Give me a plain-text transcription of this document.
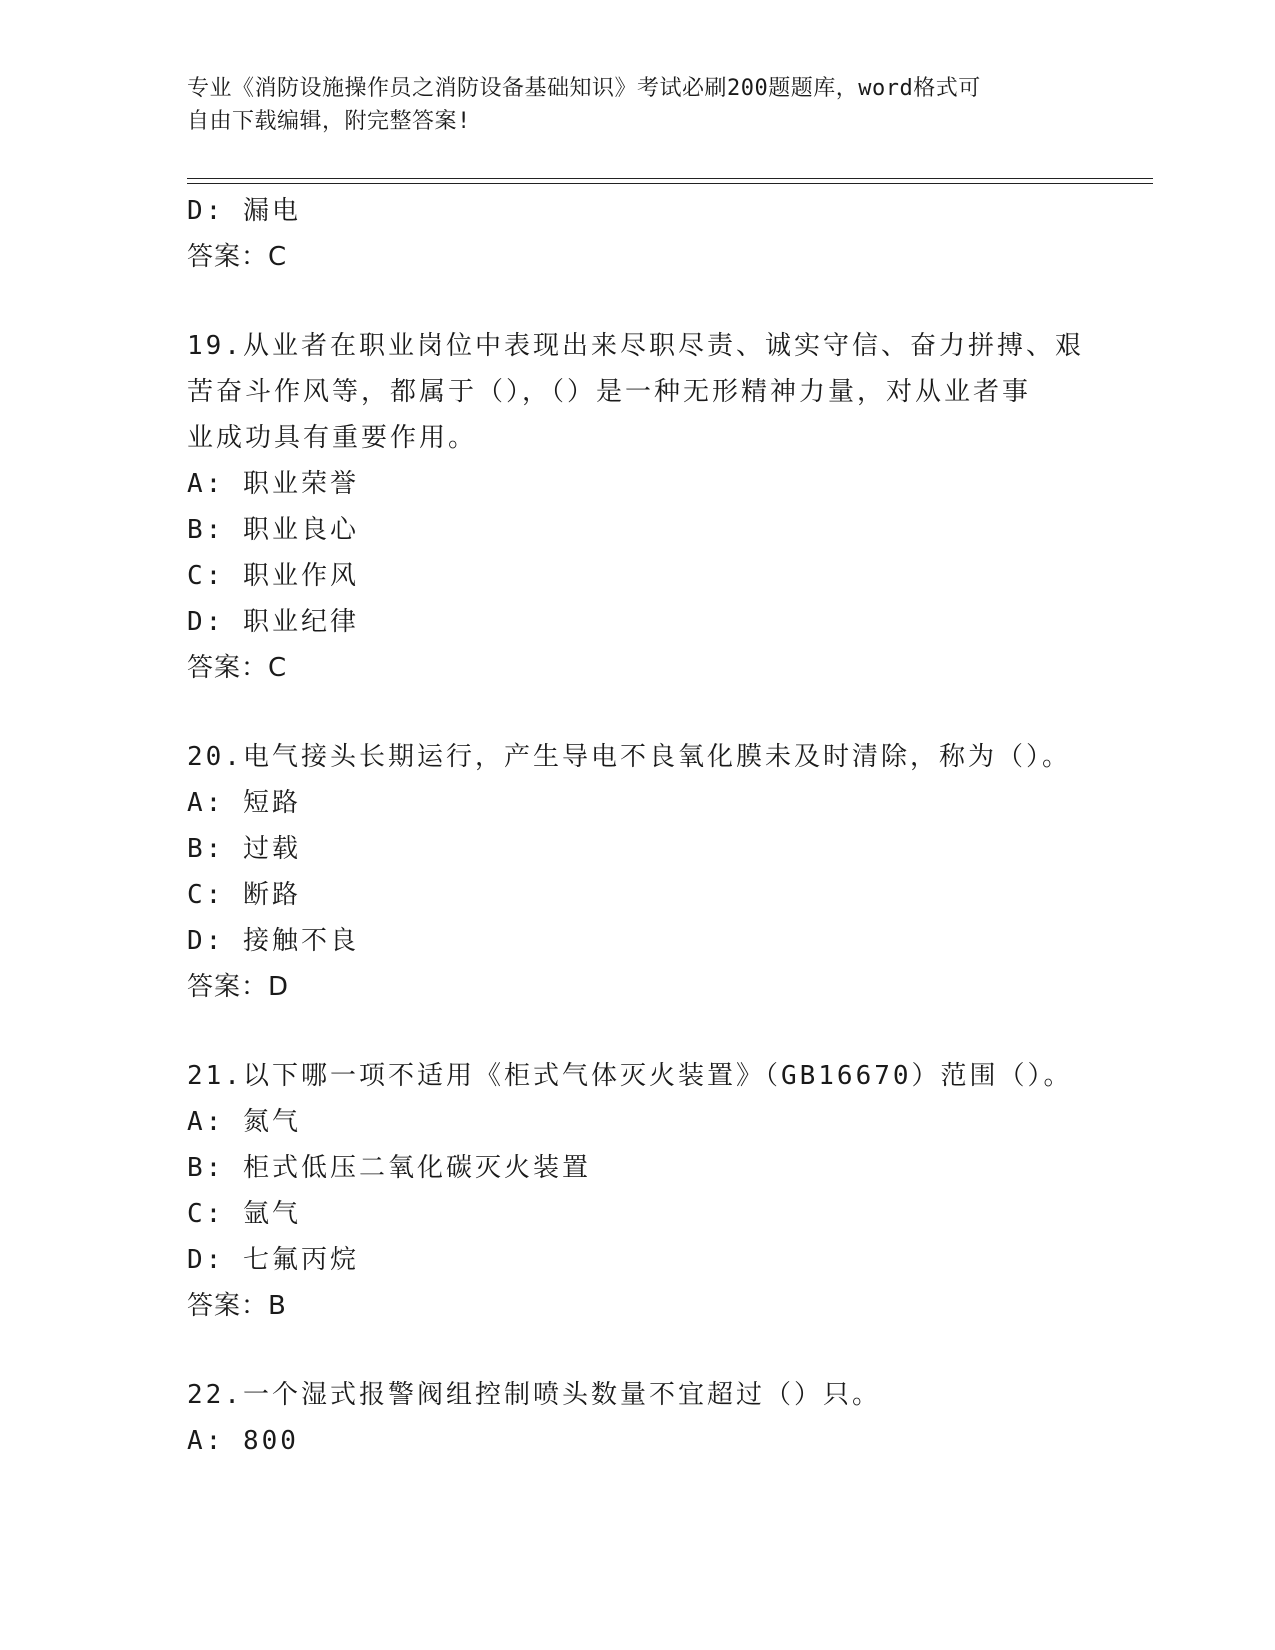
专业《消防设施操作员之消防设备基础知识》考试必刷200题题库，word格式可
自由下载编辑，附完整答案!
D: 漏电
答案：C
19.从业者在职业岗位中表现出来尽职尽责、诚实守信、奋力拼搏、艰
苦奋斗作风等，都属于（），（）是一种无形精神力量，对从业者事
业成功具有重要作用。
A: 职业荣誉
B: 职业良心
C: 职业作风
D: 职业纪律
答案：C
20.电气接头长期运行，产生导电不良氧化膜未及时清除，称为（）。
A: 短路
B: 过载
C: 断路
D: 接触不良
答案：D
21.以下哪一项不适用《柜式气体灭火装置》（GB16670）范围（）。
A: 氮气
B: 柜式低压二氧化碳灭火装置
C: 氩气
D: 七氟丙烷
答案：B
22.一个湿式报警阀组控制喷头数量不宜超过（）只。
A: 800
